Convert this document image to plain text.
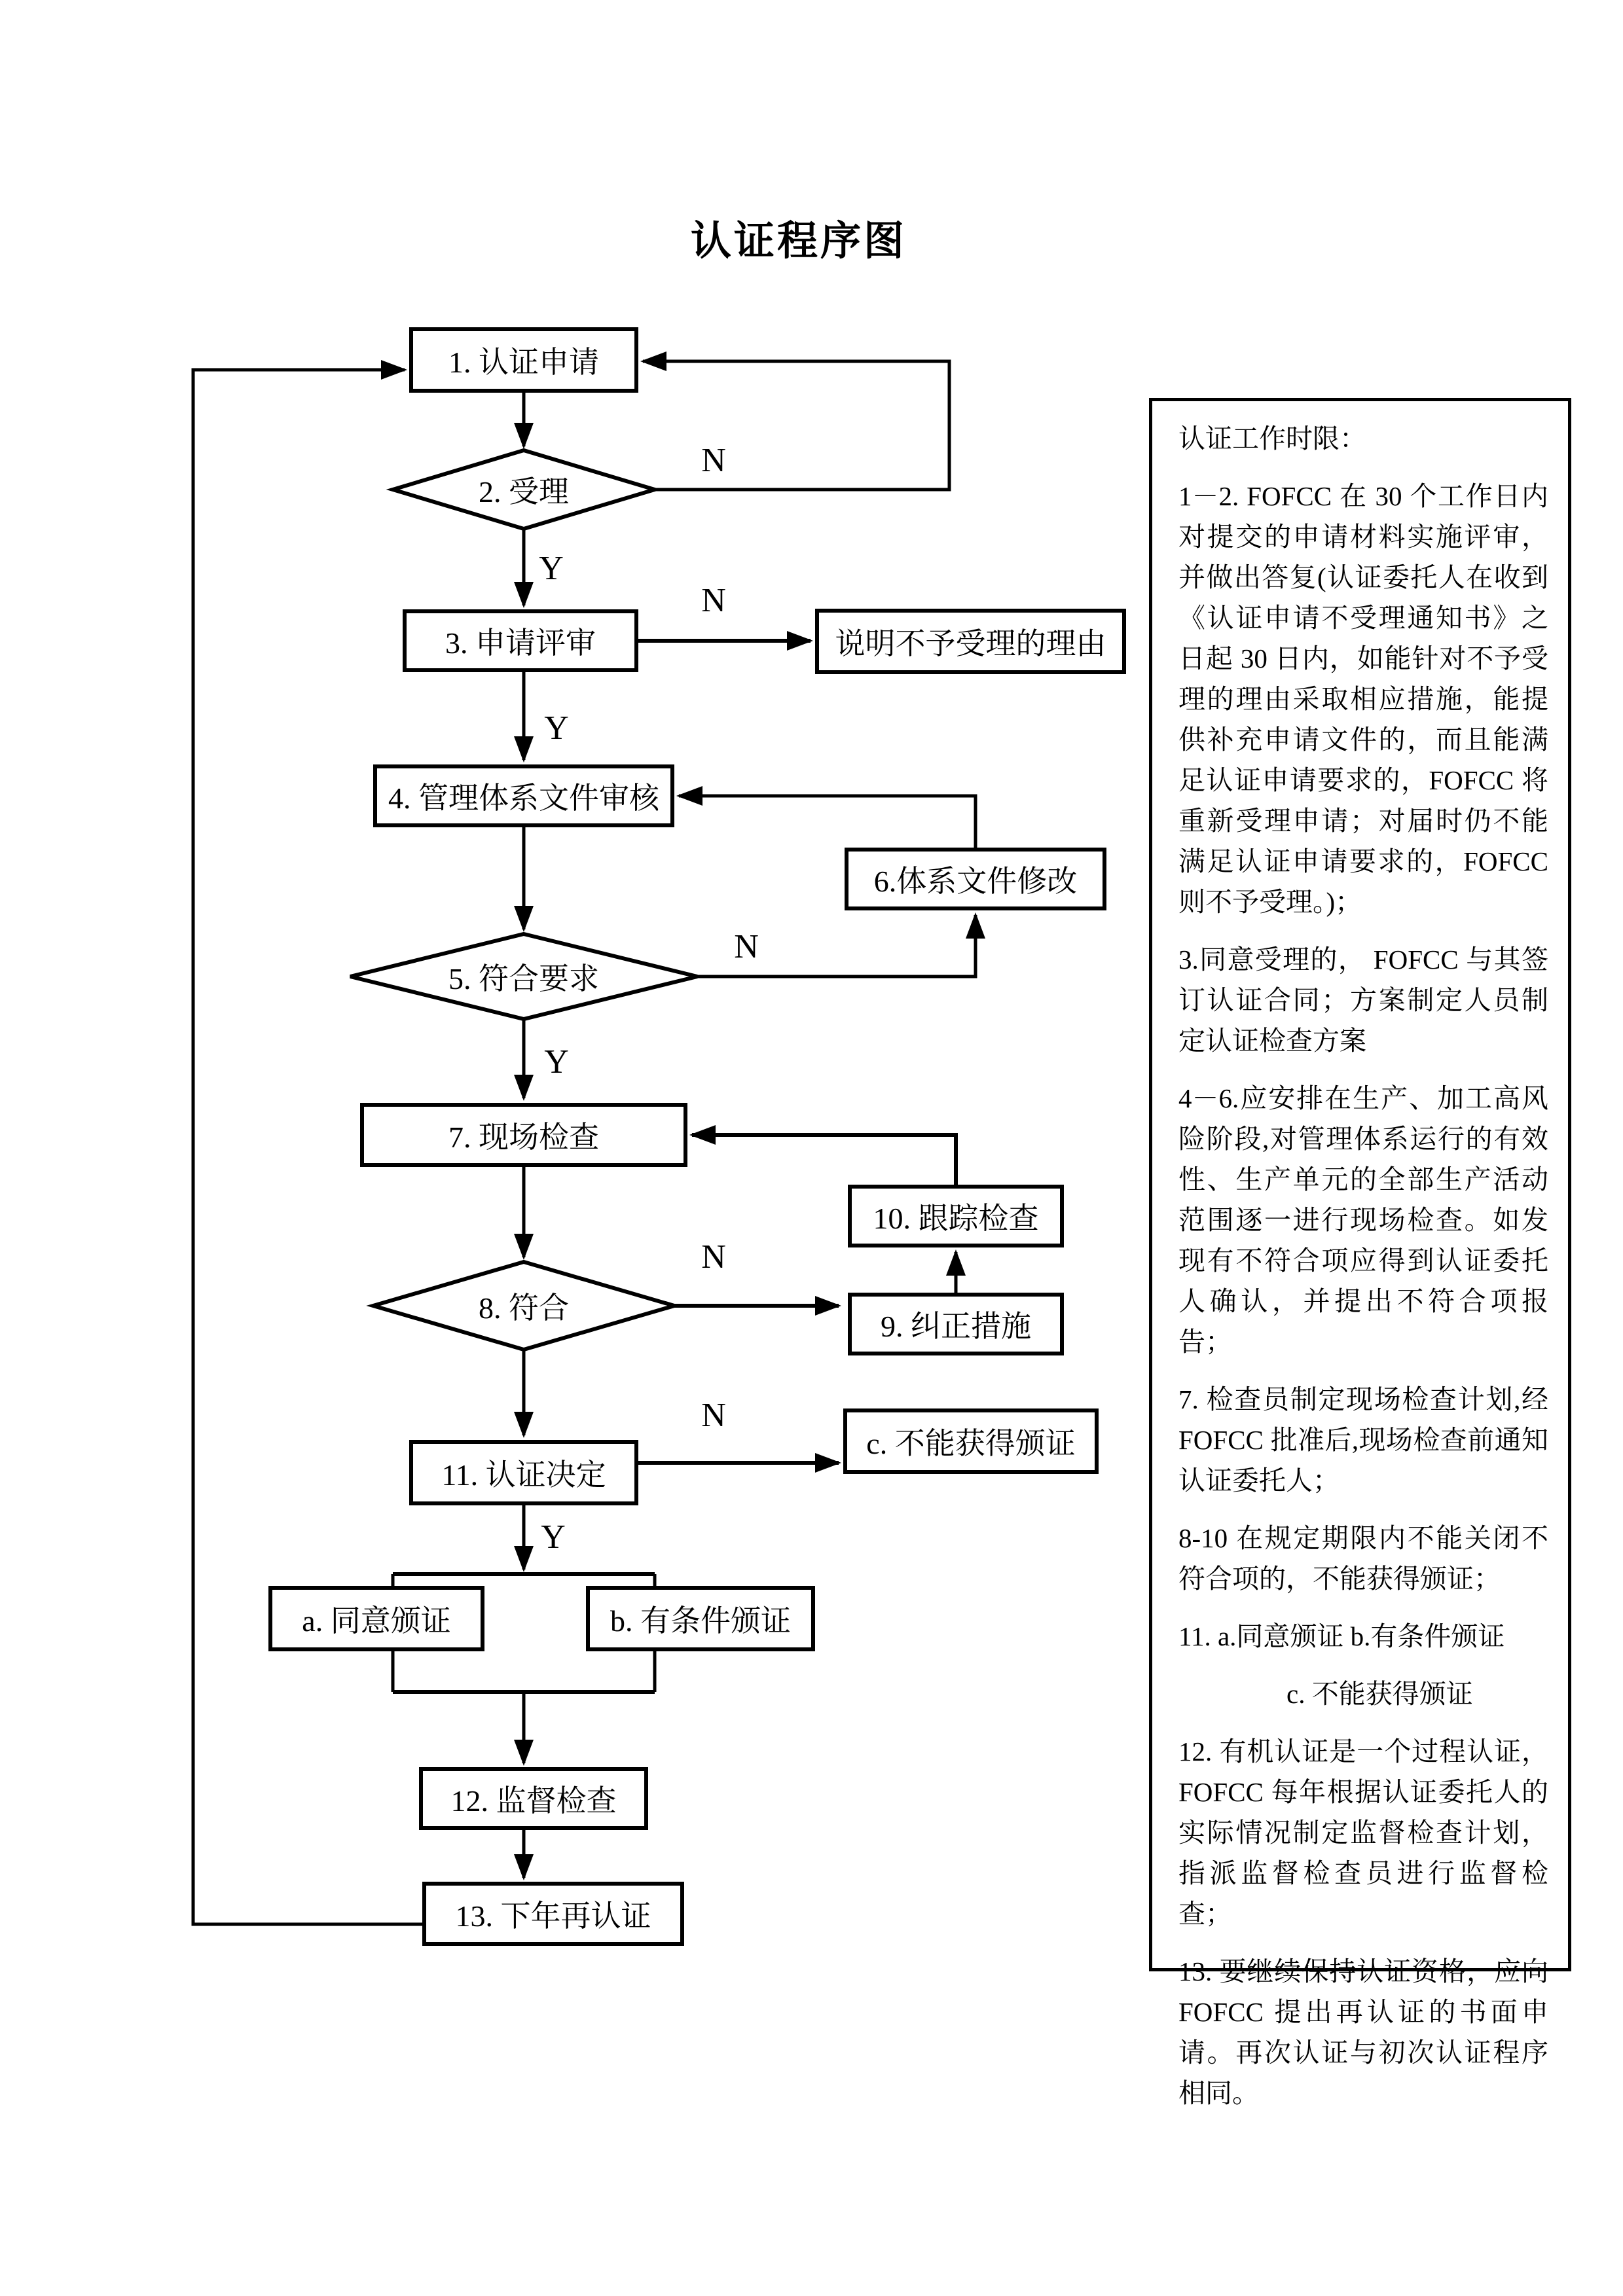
认证程序图
1. 认证申请
2. 受理
3. 申请评审	说明不予受理的理由
4. 管理体系文件审核
6.体系文件修改
5. 符合要求
7. 现场检查
10. 跟踪检查
8. 符合
9. 纠正措施
11. 认证决定
c. 不能获得颁证
a. 同意颁证	b. 有条件颁证
12. 监督检查
13. 下年再认证
N
Y
N
Y
N
Y
N
N
Y

认证工作时限：

1－2. FOFCC 在 30 个工作日内对提交的申请材料实施评审，并做出答复(认证委托人在收到《认证申请不受理通知书》之日起 30 日内，如能针对不予受理的理由采取相应措施，能提供补充申请文件的，而且能满足认证申请要求的，FOFCC 将重新受理申请；对届时仍不能满足认证申请要求的，FOFCC 则不予受理。)；

3.同意受理的， FOFCC 与其签订认证合同；方案制定人员制定认证检查方案

4－6.应安排在生产、加工高风险阶段,对管理体系运行的有效性、生产单元的全部生产活动范围逐一进行现场检查。如发现有不符合项应得到认证委托人确认，并提出不符合项报告；

7. 检查员制定现场检查计划,经 FOFCC 批准后,现场检查前通知认证委托人；

8-10 在规定期限内不能关闭不符合项的，不能获得颁证；

11. a.同意颁证 b.有条件颁证

c. 不能获得颁证

12. 有机认证是一个过程认证，FOFCC 每年根据认证委托人的实际情况制定监督检查计划，指派监督检查员进行监督检查；

13. 要继续保持认证资格，应向 FOFCC 提出再认证的书面申请。再次认证与初次认证程序相同。
